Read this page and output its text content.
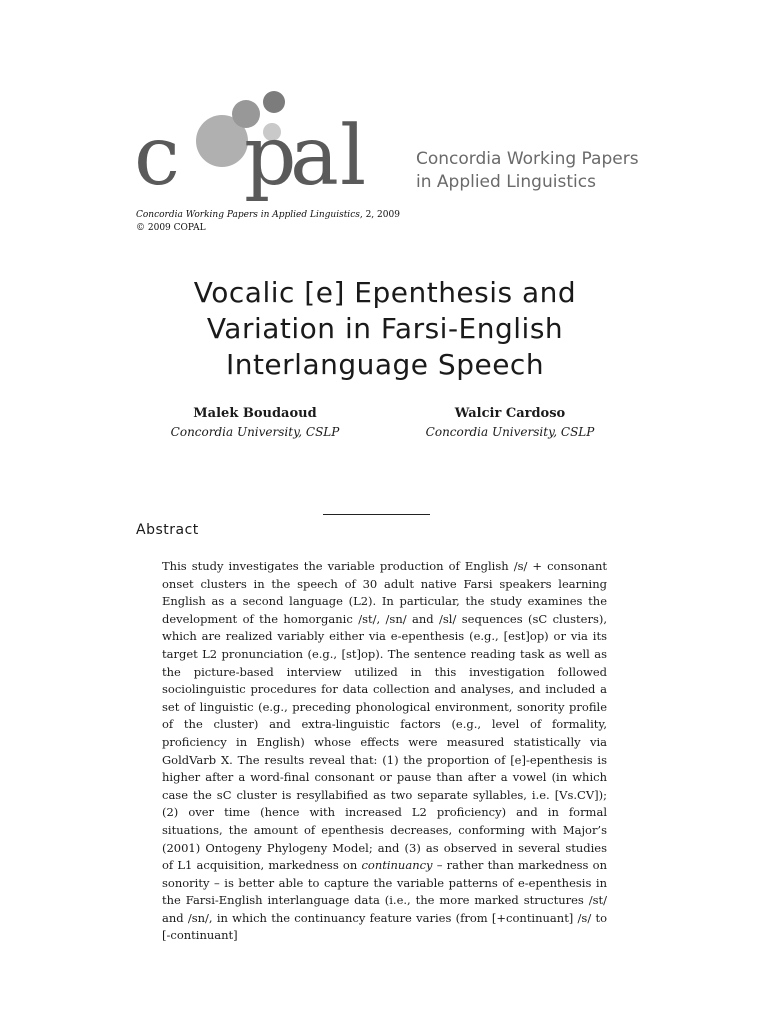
c p
a l	Concordia Working Papers
in Applied Linguistics
Concordia Working Papers in Applied Linguistics, 2, 2009
© 2009 COPAL
Vocalic [e] Epenthesis and
Variation in Farsi-English
Interlanguage Speech
Malek Boudaoud
Concordia University, CSLP
Walcir Cardoso
Concordia University, CSLP
Abstract

This study investigates the variable production of English /s/ + consonant onset clusters in the speech of 30 adult native Farsi speakers learning English as a second language (L2). In particular, the study examines the development of the homorganic /st/, /sn/ and /sl/ sequences (sC clusters), which are realized variably either via e-epenthesis (e.g., [est]op) or via its target L2 pronunciation (e.g., [st]op). The sentence reading task as well as the picture-based interview utilized in this investigation followed sociolinguistic procedures for data collection and analyses, and included a set of linguistic (e.g., preceding phonological environment, sonority profile of the cluster) and extra-linguistic factors (e.g., level of formality, proficiency in English) whose effects were measured statistically via GoldVarb X. The results reveal that: (1) the proportion of [e]-epenthesis is higher after a word-final consonant or pause than after a vowel (in which case the sC cluster is resyllabified as two separate syllables, i.e. [Vs.CV]); (2) over time (hence with increased L2 proficiency) and in formal situations, the amount of epenthesis decreases, conforming with Major’s (2001) Ontogeny Phylogeny Model; and (3) as observed in several studies of L1 acquisition, markedness on continuancy – rather than markedness on sonority – is better able to capture the variable patterns of e-epenthesis in the Farsi-English interlanguage data (i.e., the more marked structures /st/ and /sn/, in which the continuancy feature varies (from [+continuant] /s/ to [-continuant]
